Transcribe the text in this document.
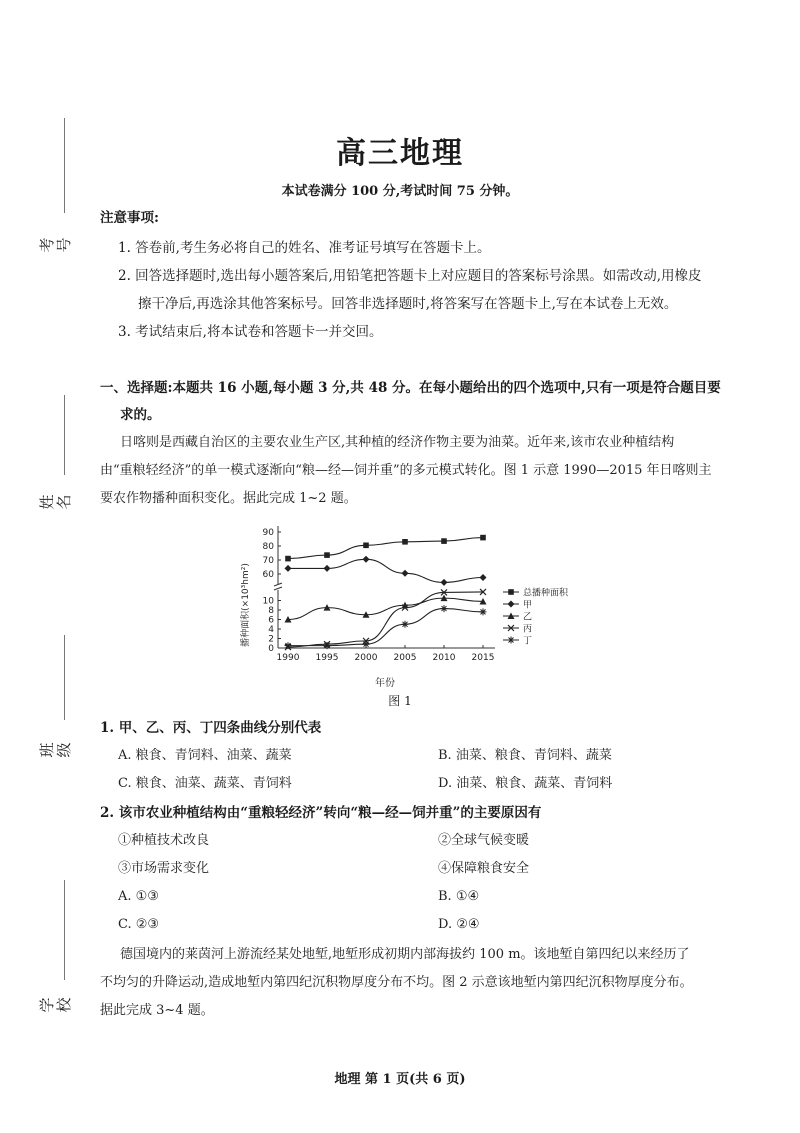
考号
姓名
班级
学校
高三地理
本试卷满分 100 分,考试时间 75 分钟。
注意事项:
1. 答卷前,考生务必将自己的姓名、准考证号填写在答题卡上。
2. 回答选择题时,选出每小题答案后,用铅笔把答题卡上对应题目的答案标号涂黑。如需改动,用橡皮
擦干净后,再选涂其他答案标号。回答非选择题时,将答案写在答题卡上,写在本试卷上无效。
3. 考试结束后,将本试卷和答题卡一并交回。
一、选择题:本题共 16 小题,每小题 3 分,共 48 分。在每小题给出的四个选项中,只有一项是符合题目要
求的。
日喀则是西藏自治区的主要农业生产区,其种植的经济作物主要为油菜。近年来,该市农业种植结构
由“重粮轻经济”的单一模式逐渐向“粮—经—饲并重”的多元模式转化。图 1 示意 1990—2015 年日喀则主
要农作物播种面积变化。据此完成 1~2 题。
90
80
70
60
10
8
6
4
2
0
1990 1995 2000 2005 2010 2015
总播种面积
甲
乙
丙
丁
播种面积(×10³hm²)
年份
图 1
1. 甲、乙、丙、丁四条曲线分别代表
A. 粮食、青饲料、油菜、蔬菜	B. 油菜、粮食、青饲料、蔬菜
C. 粮食、油菜、蔬菜、青饲料	D. 油菜、粮食、蔬菜、青饲料
2. 该市农业种植结构由“重粮轻经济”转向“粮—经—饲并重”的主要原因有
①种植技术改良	②全球气候变暖
③市场需求变化	④保障粮食安全
A. ①③	B. ①④
C. ②③	D. ②④
德国境内的莱茵河上游流经某处地堑,地堑形成初期内部海拔约 100 m。该地堑自第四纪以来经历了
不均匀的升降运动,造成地堑内第四纪沉积物厚度分布不均。图 2 示意该地堑内第四纪沉积物厚度分布。
据此完成 3~4 题。
地理 第 1 页(共 6 页)
